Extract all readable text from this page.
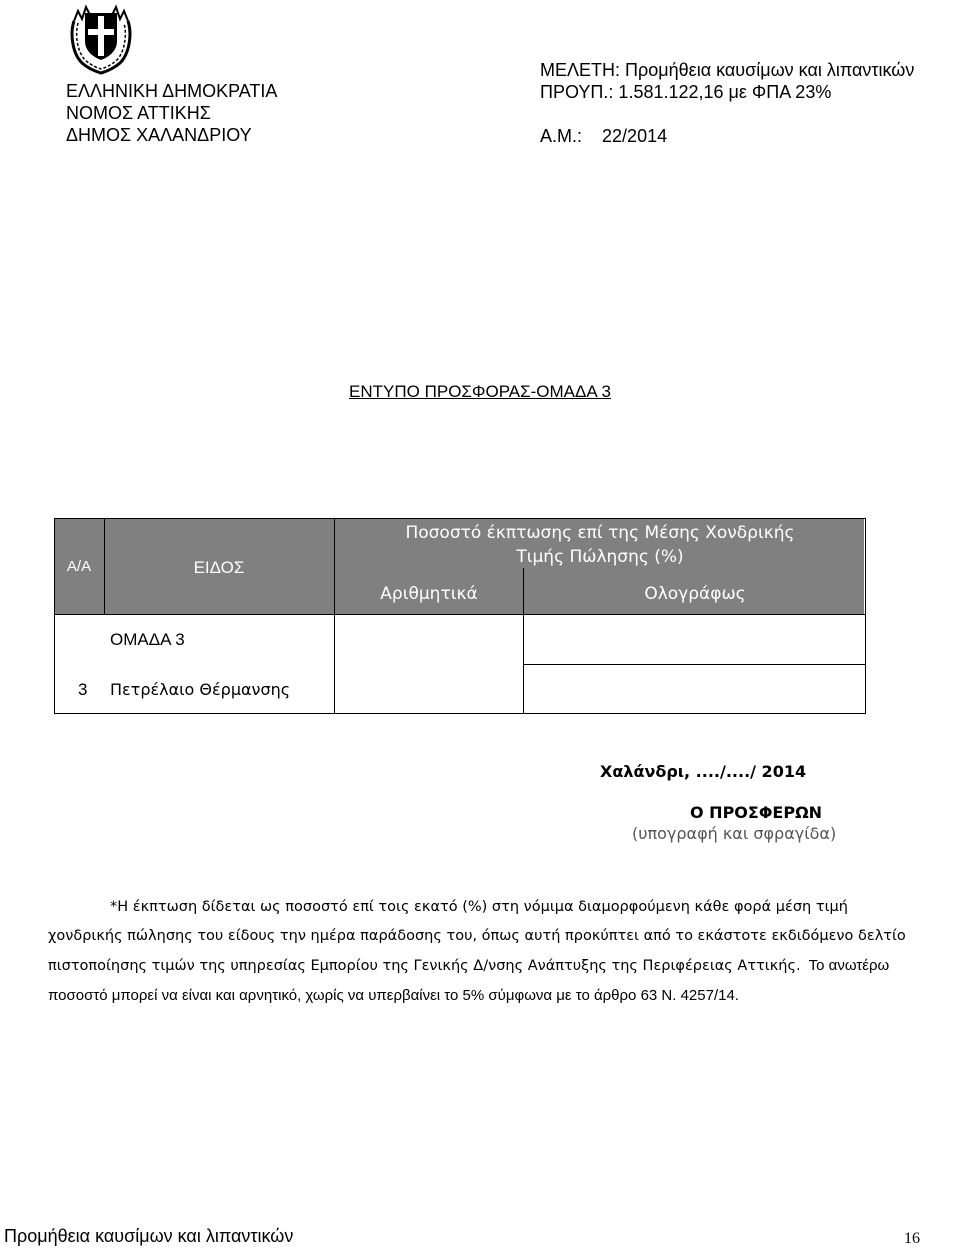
ΕΛΛΗΝΙΚΗ ΔΗΜΟΚΡΑΤΙΑ
ΝΟΜΟΣ ΑΤΤΙΚΗΣ
ΔΗΜΟΣ ΧΑΛΑΝΔΡΙΟΥ
ΜΕΛΕΤΗ: Προμήθεια καυσίμων και λιπαντικών
ΠΡΟΥΠ.: 1.581.122,16 με ΦΠΑ 23%
Α.Μ.: 22/2014
ΕΝΤΥΠΟ ΠΡΟΣΦΟΡΑΣ-ΟΜΑΔΑ 3
Α/Α	ΕΙΔΟΣ
Ποσοστό έκπτωσης επί της Μέσης Χονδρικής
Τιμής Πώλησης (%)
Αριθμητικά	Ολογράφως
ΟΜΑΔΑ 3
3 Πετρέλαιο Θέρμανσης
Χαλάνδρι, ..../..../ 2014
Ο ΠΡΟΣΦΕΡΩΝ
(υπογραφή και σφραγίδα)
*Η έκπτωση δίδεται ως ποσοστό επί τοις εκατό (%) στη νόμιμα διαμορφούμενη κάθε φορά μέση τιμή
χονδρικής πώλησης του είδους την ημέρα παράδοσης του, όπως αυτή προκύπτει από το εκάστοτε εκδιδόμενο δελτίο
πιστοποίησης τιμών της υπηρεσίας Εμπορίου της Γενικής Δ/νσης Ανάπτυξης της Περιφέρειας Αττικής. Το ανωτέρω
ποσοστό μπορεί να είναι και αρνητικό, χωρίς να υπερβαίνει το 5% σύμφωνα με το άρθρο 63 Ν. 4257/14.
Προμήθεια καυσίμων και λιπαντικών	16
